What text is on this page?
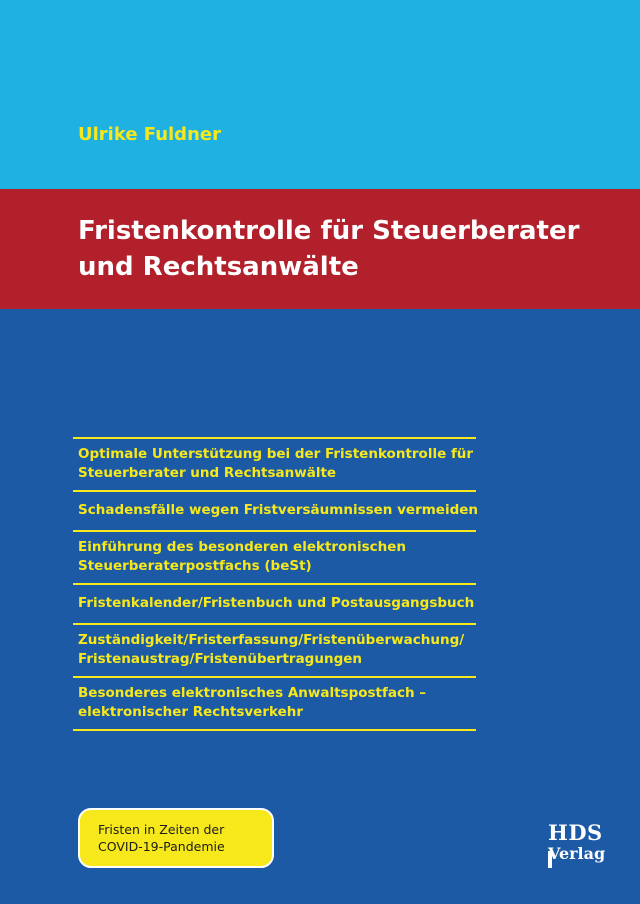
Ulrike Fuldner
Fristenkontrolle für Steuerberater und Rechtsanwälte
Optimale Unterstützung bei der Fristenkontrolle für
Steuerberater und Rechtsanwälte
Schadensfälle wegen Fristversäumnissen vermeiden
Einführung des besonderen elektronischen
Steuerberaterpostfachs (beSt)
Fristenkalender/Fristenbuch und Postausgangsbuch
Zuständigkeit/Fristerfassung/Fristenüberwachung/
Fristenaustrag/Fristenübertragungen
Besonderes elektronisches Anwaltspostfach –
elektronischer Rechtsverkehr
Fristen in Zeiten der
COVID-19-Pandemie
HDS
Verlag
